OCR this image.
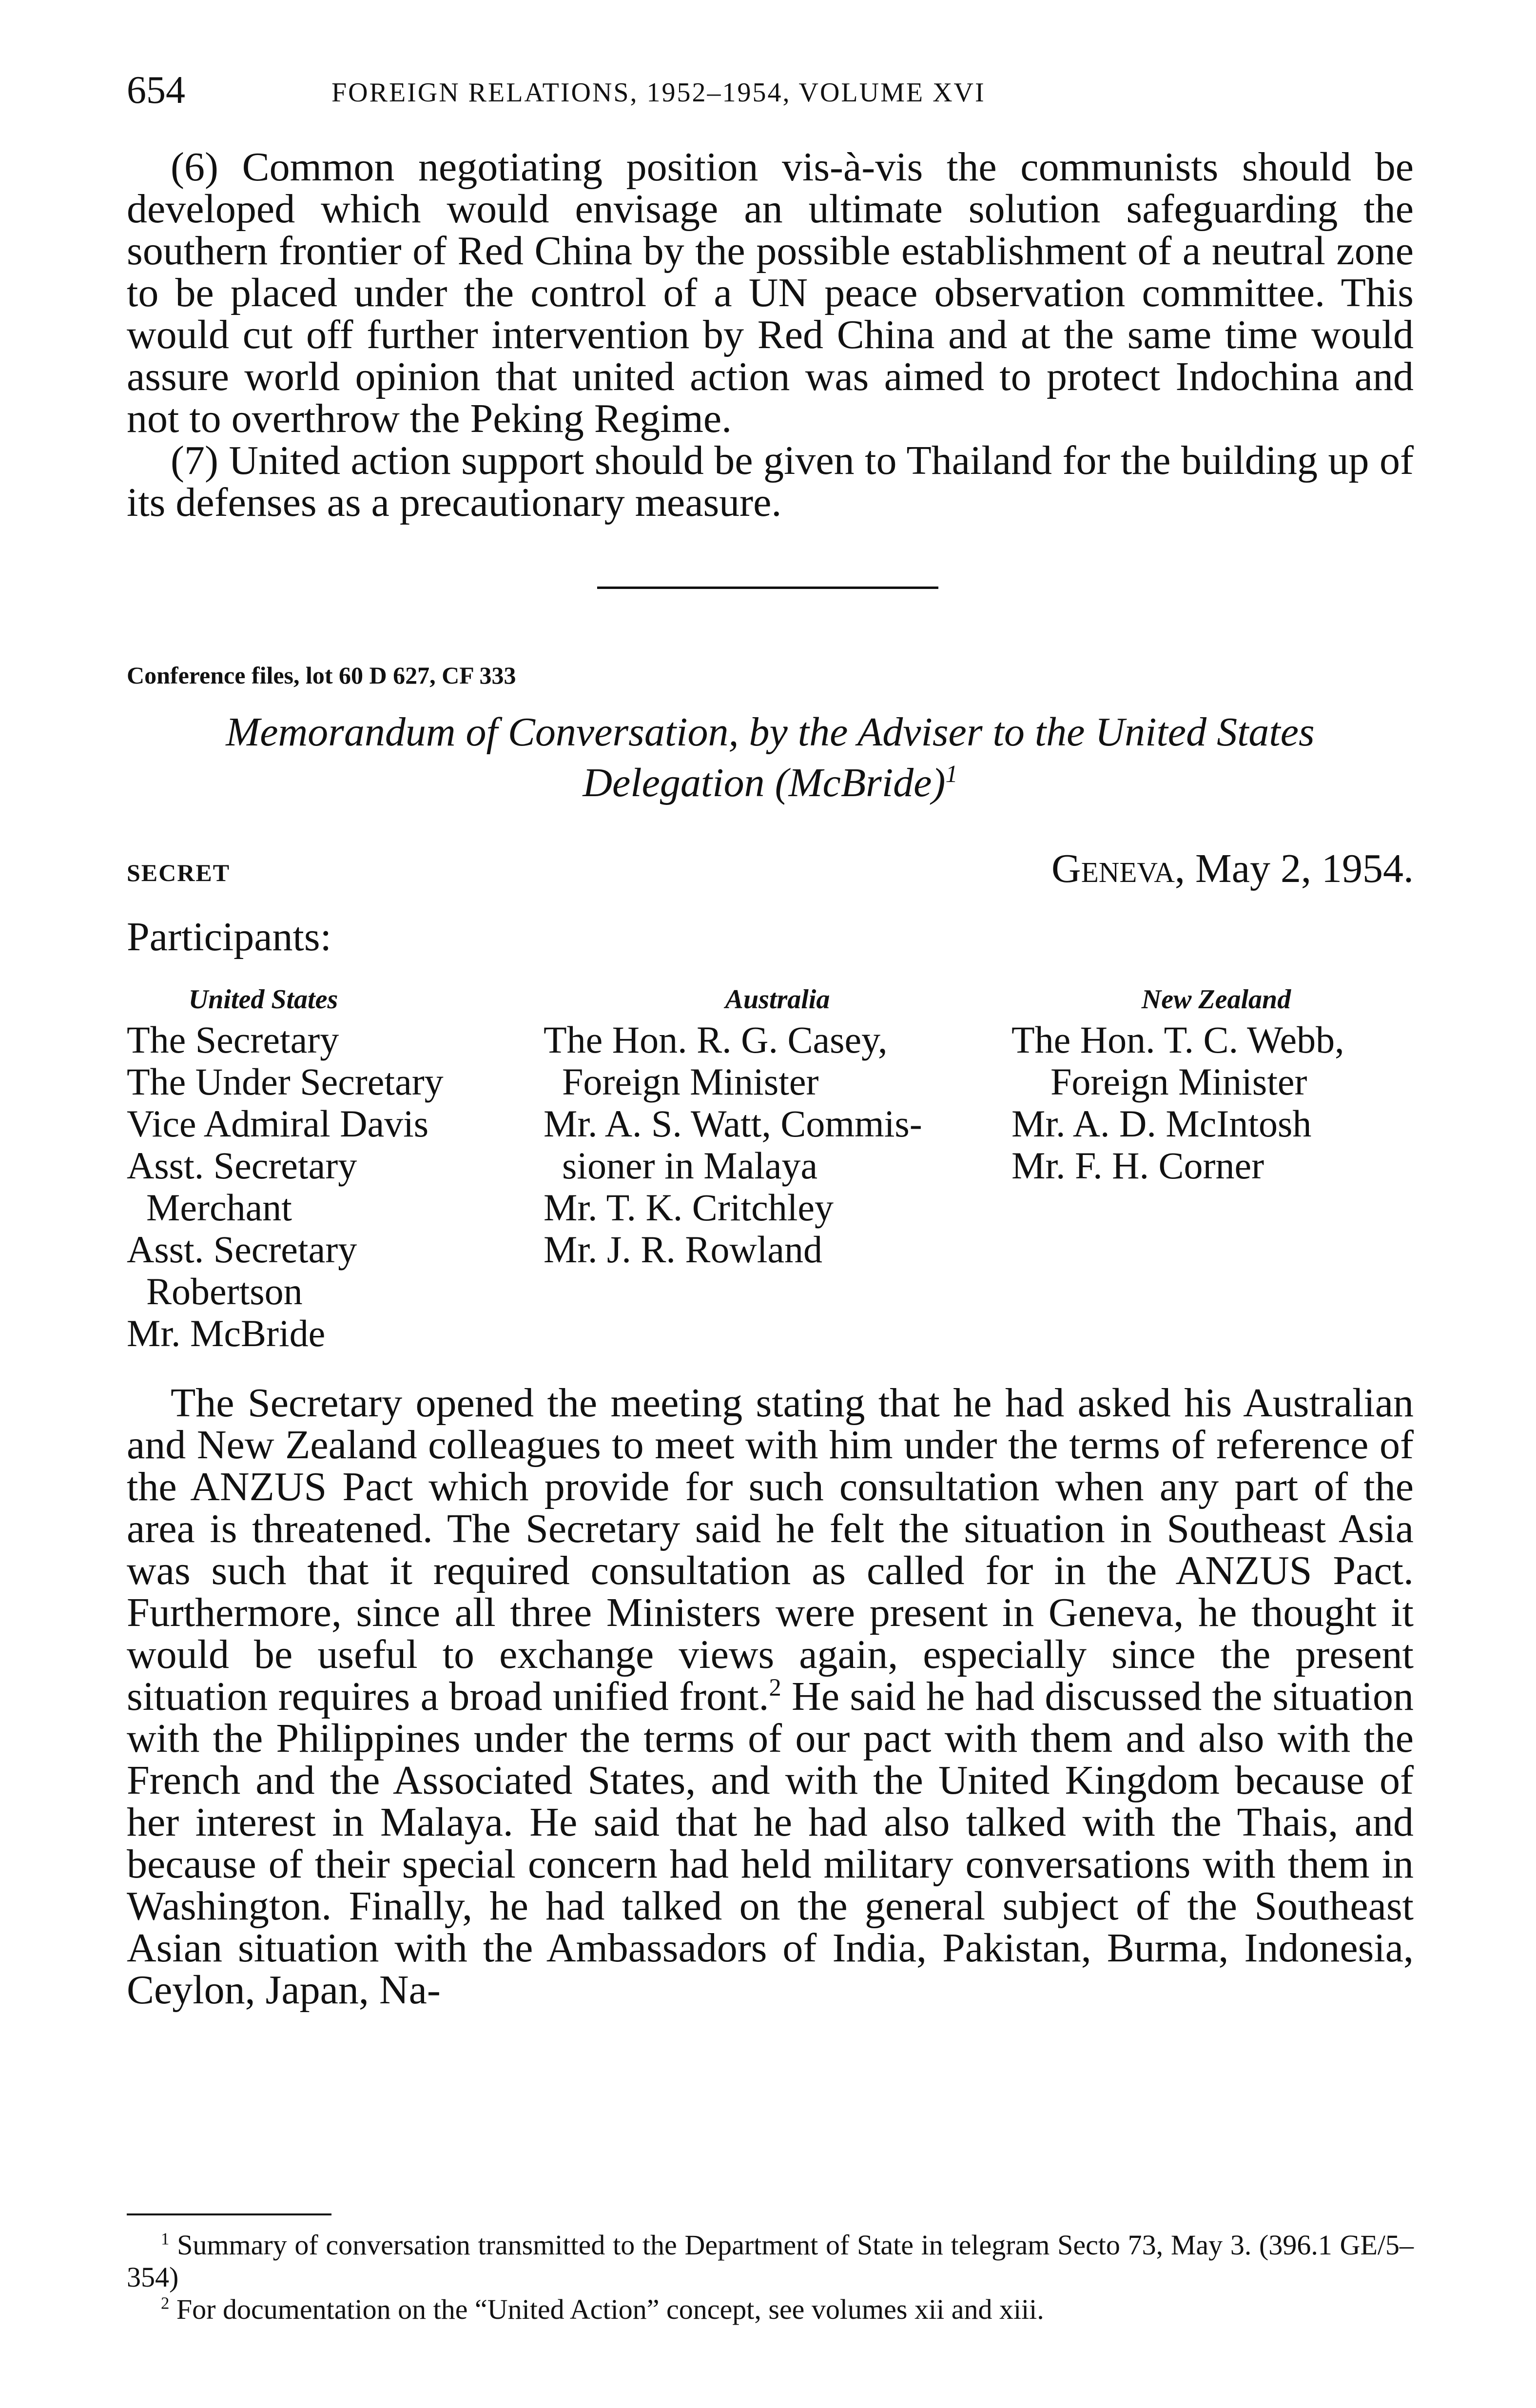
654	FOREIGN RELATIONS, 1952–1954, VOLUME XVI

(6) Common negotiating position vis-à-vis the communists should be developed which would envisage an ultimate solution safeguarding the southern frontier of Red China by the possible establishment of a neutral zone to be placed under the control of a UN peace observation committee. This would cut off further intervention by Red China and at the same time would assure world opinion that united action was aimed to protect Indochina and not to overthrow the Peking Regime.

(7) United action support should be given to Thailand for the building up of its defenses as a precautionary measure.

Conference files, lot 60 D 627, CF 333
Memorandum of Conversation, by the Adviser to the United States
Delegation (McBride)$^1$
SECRET	Geneva, May 2, 1954.
Participants:
United States
The Secretary
The Under Secretary
Vice Admiral Davis
Asst. Secretary
Merchant
Asst. Secretary
Robertson
Mr. McBride
Australia
The Hon. R. G. Casey,
Foreign Minister
Mr. A. S. Watt, Commis-
sioner in Malaya
Mr. T. K. Critchley
Mr. J. R. Rowland
New Zealand
The Hon. T. C. Webb,
Foreign Minister
Mr. A. D. McIntosh
Mr. F. H. Corner

The Secretary opened the meeting stating that he had asked his Australian and New Zealand colleagues to meet with him under the terms of reference of the ANZUS Pact which provide for such consultation when any part of the area is threatened. The Secretary said he felt the situation in Southeast Asia was such that it required consultation as called for in the ANZUS Pact. Furthermore, since all three Ministers were present in Geneva, he thought it would be useful to exchange views again, especially since the present situation requires a broad unified front.$^2$ He said he had discussed the situation with the Philippines under the terms of our pact with them and also with the French and the Associated States, and with the United Kingdom because of her interest in Malaya. He said that he had also talked with the Thais, and because of their special concern had held military conversations with them in Washington. Finally, he had talked on the general subject of the Southeast Asian situation with the Ambassadors of India, Pakistan, Burma, Indonesia, Ceylon, Japan, Na-

$^1$ Summary of conversation transmitted to the Department of State in telegram Secto 73, May 3. (396.1 GE/5–354)

$^2$ For documentation on the “United Action” concept, see volumes xii and xiii.
